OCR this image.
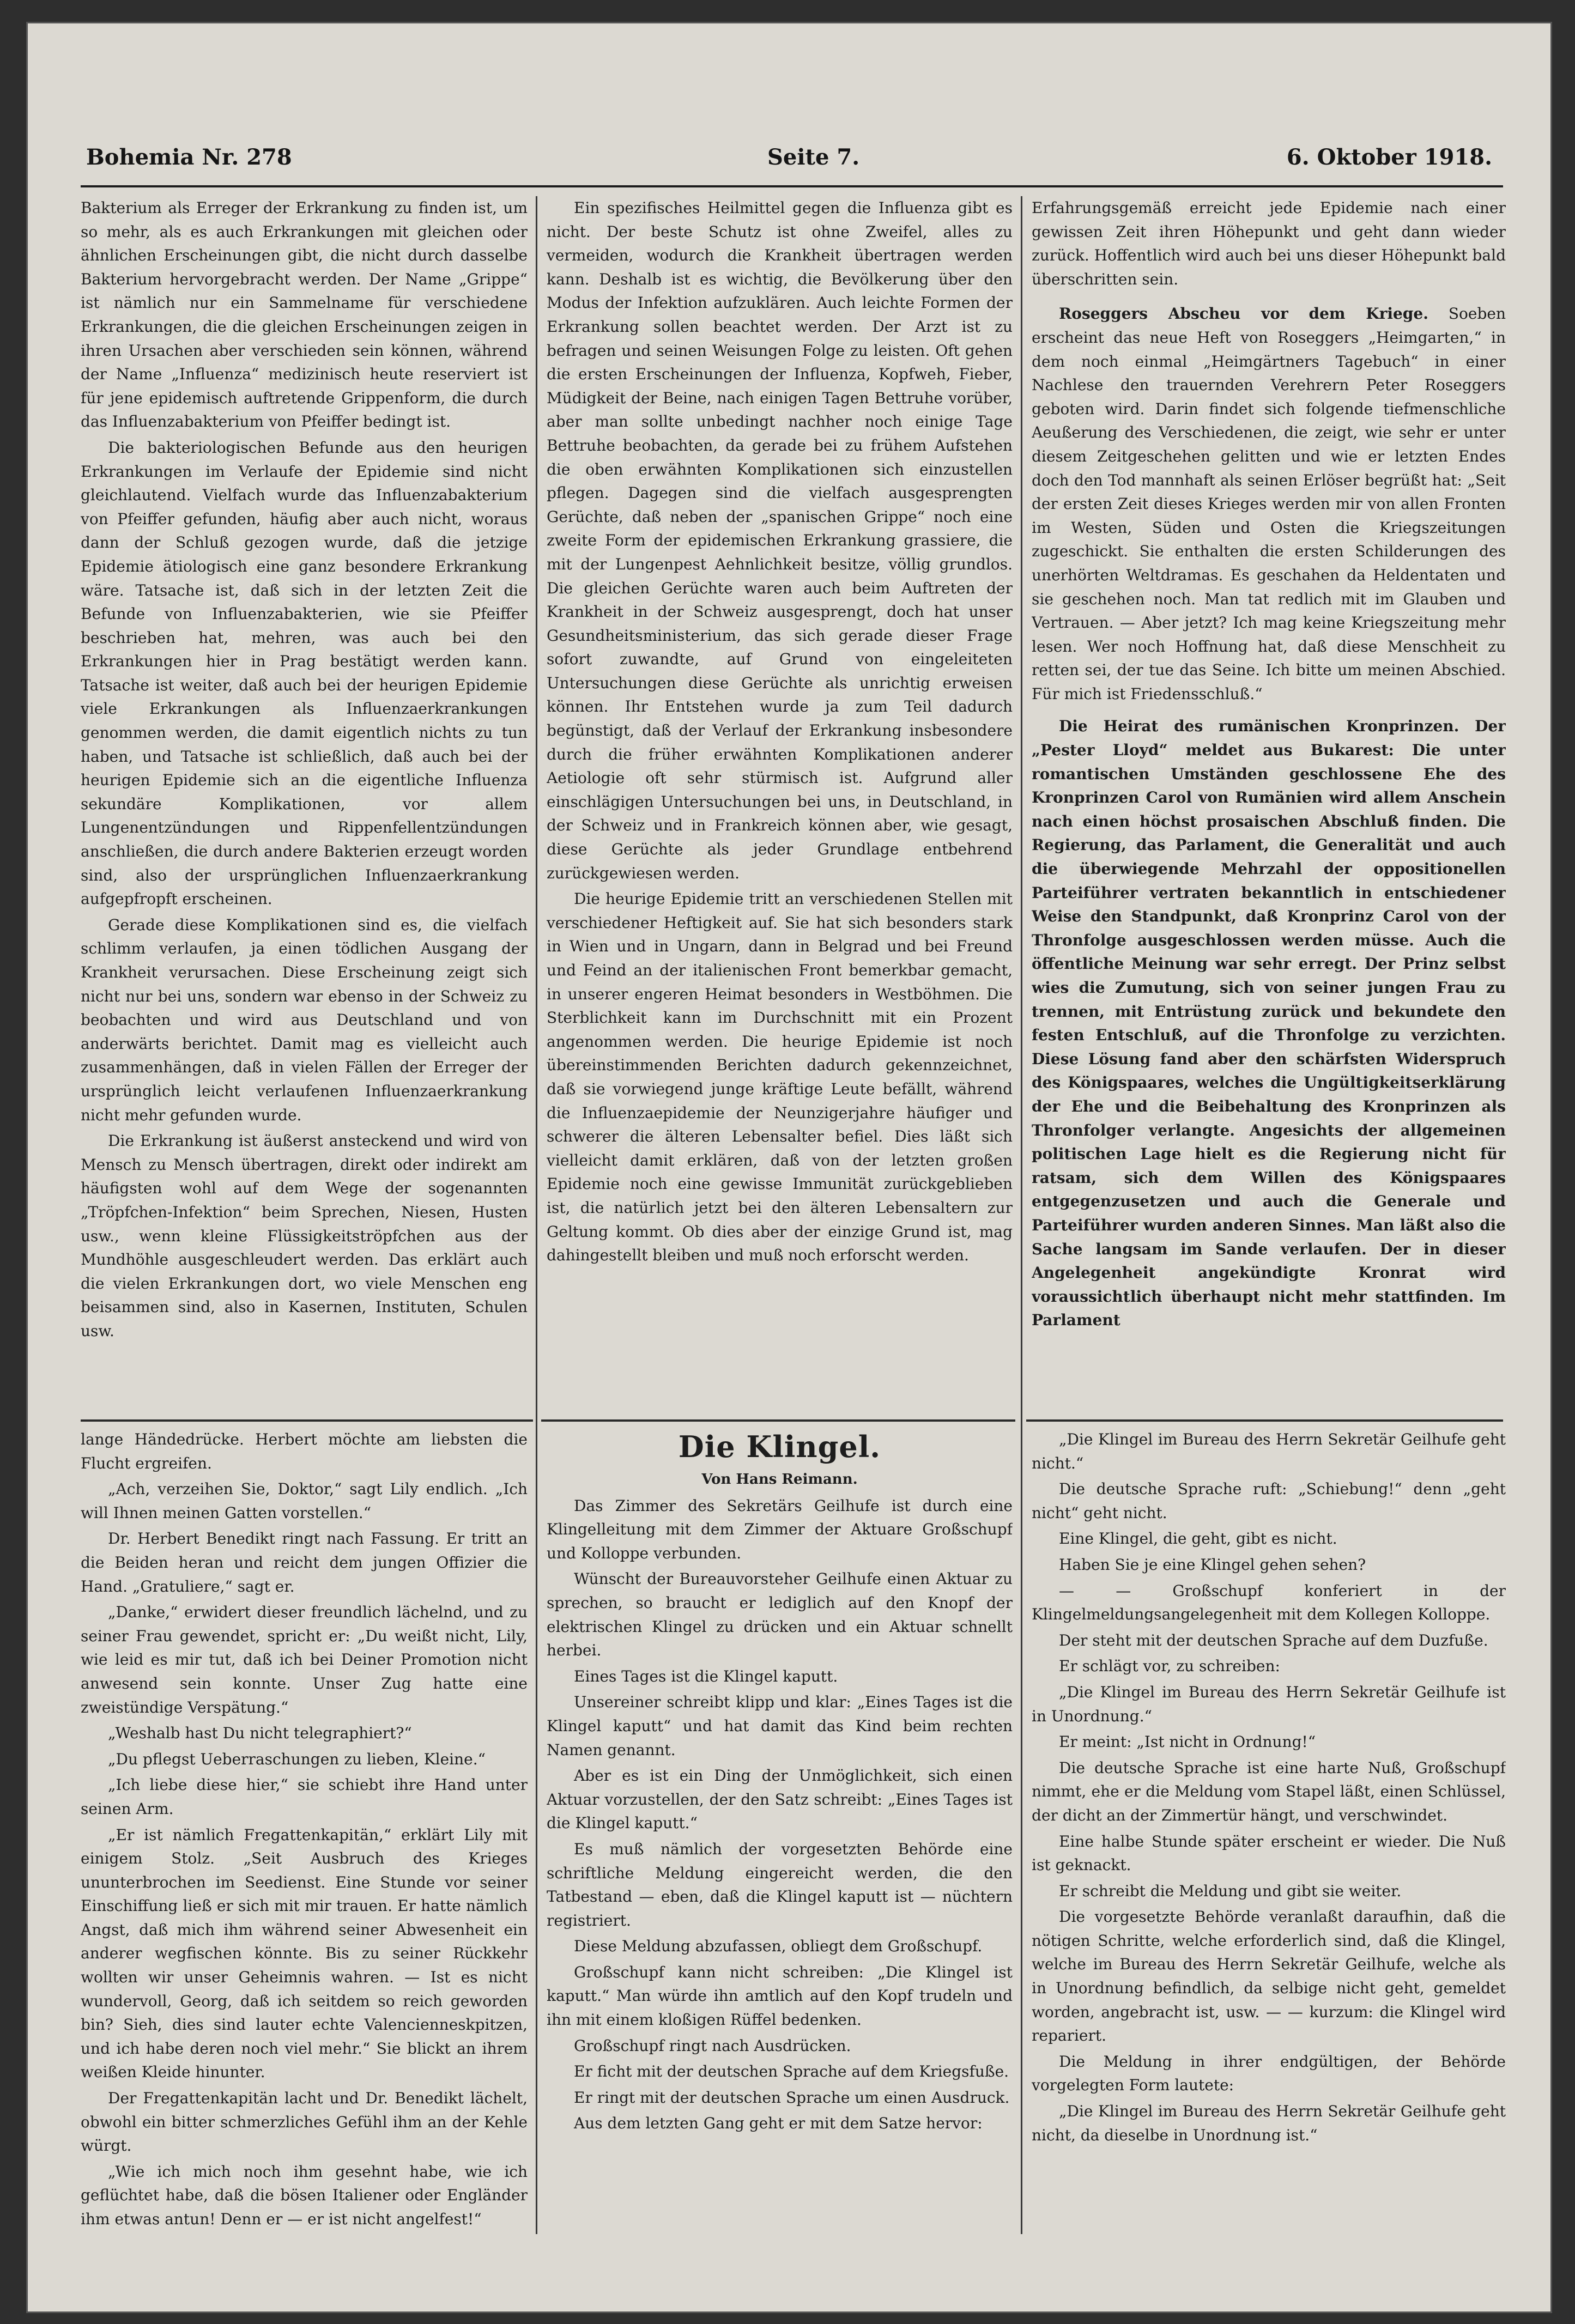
Bohemia Nr. 278	Seite 7.	6. Oktober 1918.

Bakterium als Erreger der Erkrankung zu finden ist, um so mehr, als es auch Erkrankungen mit gleichen oder ähnlichen Erscheinungen gibt, die nicht durch dasselbe Bakterium hervorgebracht werden. Der Name „Grippe“ ist nämlich nur ein Sammelname für verschiedene Erkrankungen, die die gleichen Erscheinungen zeigen in ihren Ursachen aber verschieden sein können, während der Name „Influenza“ medizinisch heute reserviert ist für jene epidemisch auftretende Grippenform, die durch das Influenzabakterium von Pfeiffer bedingt ist.

Die bakteriologischen Befunde aus den heurigen Erkrankungen im Verlaufe der Epidemie sind nicht gleichlautend. Vielfach wurde das Influenzabakterium von Pfeiffer gefunden, häufig aber auch nicht, woraus dann der Schluß gezogen wurde, daß die jetzige Epidemie ätiologisch eine ganz besondere Erkrankung wäre. Tatsache ist, daß sich in der letzten Zeit die Befunde von Influenzabakterien, wie sie Pfeiffer beschrieben hat, mehren, was auch bei den Erkrankungen hier in Prag bestätigt werden kann. Tatsache ist weiter, daß auch bei der heurigen Epidemie viele Erkrankungen als Influenzaerkrankungen genommen werden, die damit eigentlich nichts zu tun haben, und Tatsache ist schließlich, daß auch bei der heurigen Epidemie sich an die eigentliche Influenza sekundäre Komplikationen, vor allem Lungenentzündungen und Rippenfellentzündungen anschließen, die durch andere Bakterien erzeugt worden sind, also der ursprünglichen Influenzaerkrankung aufgepfropft erscheinen.

Gerade diese Komplikationen sind es, die vielfach schlimm verlaufen, ja einen tödlichen Ausgang der Krankheit verursachen. Diese Erscheinung zeigt sich nicht nur bei uns, sondern war ebenso in der Schweiz zu beobachten und wird aus Deutschland und von anderwärts berichtet. Damit mag es vielleicht auch zusammenhängen, daß in vielen Fällen der Erreger der ursprünglich leicht verlaufenen Influenzaerkrankung nicht mehr gefunden wurde.

Die Erkrankung ist äußerst ansteckend und wird von Mensch zu Mensch übertragen, direkt oder indirekt am häufigsten wohl auf dem Wege der sogenannten „Tröpfchen-Infektion“ beim Sprechen, Niesen, Husten usw., wenn kleine Flüssigkeitströpfchen aus der Mundhöhle ausgeschleudert werden. Das erklärt auch die vielen Erkrankungen dort, wo viele Menschen eng beisammen sind, also in Kasernen, Instituten, Schulen usw.

Ein spezifisches Heilmittel gegen die Influenza gibt es nicht. Der beste Schutz ist ohne Zweifel, alles zu vermeiden, wodurch die Krankheit übertragen werden kann. Deshalb ist es wichtig, die Bevölkerung über den Modus der Infektion aufzuklären. Auch leichte Formen der Erkrankung sollen beachtet werden. Der Arzt ist zu befragen und seinen Weisungen Folge zu leisten. Oft gehen die ersten Erscheinungen der Influenza, Kopfweh, Fieber, Müdigkeit der Beine, nach einigen Tagen Bettruhe vorüber, aber man sollte unbedingt nachher noch einige Tage Bettruhe beobachten, da gerade bei zu frühem Aufstehen die oben erwähnten Komplikationen sich einzustellen pflegen. Dagegen sind die vielfach ausgesprengten Gerüchte, daß neben der „spanischen Grippe“ noch eine zweite Form der epidemischen Erkrankung grassiere, die mit der Lungenpest Aehnlichkeit besitze, völlig grundlos. Die gleichen Gerüchte waren auch beim Auftreten der Krankheit in der Schweiz ausgesprengt, doch hat unser Gesundheitsministerium, das sich gerade dieser Frage sofort zuwandte, auf Grund von eingeleiteten Untersuchungen diese Gerüchte als unrichtig erweisen können. Ihr Entstehen wurde ja zum Teil dadurch begünstigt, daß der Verlauf der Erkrankung insbesondere durch die früher erwähnten Komplikationen anderer Aetiologie oft sehr stürmisch ist. Aufgrund aller einschlägigen Untersuchungen bei uns, in Deutschland, in der Schweiz und in Frankreich können aber, wie gesagt, diese Gerüchte als jeder Grundlage entbehrend zurückgewiesen werden.

Die heurige Epidemie tritt an verschiedenen Stellen mit verschiedener Heftigkeit auf. Sie hat sich besonders stark in Wien und in Ungarn, dann in Belgrad und bei Freund und Feind an der italienischen Front bemerkbar gemacht, in unserer engeren Heimat besonders in Westböhmen. Die Sterblichkeit kann im Durchschnitt mit ein Prozent angenommen werden. Die heurige Epidemie ist noch übereinstimmenden Berichten dadurch gekennzeichnet, daß sie vorwiegend junge kräftige Leute befällt, während die Influenzaepidemie der Neunzigerjahre häufiger und schwerer die älteren Lebensalter befiel. Dies läßt sich vielleicht damit erklären, daß von der letzten großen Epidemie noch eine gewisse Immunität zurückgeblieben ist, die natürlich jetzt bei den älteren Lebensaltern zur Geltung kommt. Ob dies aber der einzige Grund ist, mag dahingestellt bleiben und muß noch erforscht werden.

Erfahrungsgemäß erreicht jede Epidemie nach einer gewissen Zeit ihren Höhepunkt und geht dann wieder zurück. Hoffentlich wird auch bei uns dieser Höhepunkt bald überschritten sein.

Roseggers Abscheu vor dem Kriege. Soeben erscheint das neue Heft von Roseggers „Heimgarten,“ in dem noch einmal „Heimgärtners Tagebuch“ in einer Nachlese den trauernden Verehrern Peter Roseggers geboten wird. Darin findet sich folgende tiefmenschliche Aeußerung des Verschiedenen, die zeigt, wie sehr er unter diesem Zeitgeschehen gelitten und wie er letzten Endes doch den Tod mannhaft als seinen Erlöser begrüßt hat: „Seit der ersten Zeit dieses Krieges werden mir von allen Fronten im Westen, Süden und Osten die Kriegszeitungen zugeschickt. Sie enthalten die ersten Schilderungen des unerhörten Weltdramas. Es geschahen da Heldentaten und sie geschehen noch. Man tat redlich mit im Glauben und Vertrauen. — Aber jetzt? Ich mag keine Kriegszeitung mehr lesen. Wer noch Hoffnung hat, daß diese Menschheit zu retten sei, der tue das Seine. Ich bitte um meinen Abschied. Für mich ist Friedensschluß.“

Die Heirat des rumänischen Kronprinzen. Der „Pester Lloyd“ meldet aus Bukarest: Die unter romantischen Umständen geschlossene Ehe des Kronprinzen Carol von Rumänien wird allem Anschein nach einen höchst prosaischen Abschluß finden. Die Regierung, das Parlament, die Generalität und auch die überwiegende Mehrzahl der oppositionellen Parteiführer vertraten bekanntlich in entschiedener Weise den Standpunkt, daß Kronprinz Carol von der Thronfolge ausgeschlossen werden müsse. Auch die öffentliche Meinung war sehr erregt. Der Prinz selbst wies die Zumutung, sich von seiner jungen Frau zu trennen, mit Entrüstung zurück und bekundete den festen Entschluß, auf die Thronfolge zu verzichten. Diese Lösung fand aber den schärfsten Widerspruch des Königspaares, welches die Ungültigkeitserklärung der Ehe und die Beibehaltung des Kronprinzen als Thronfolger verlangte. Angesichts der allgemeinen politischen Lage hielt es die Regierung nicht für ratsam, sich dem Willen des Königspaares entgegenzusetzen und auch die Generale und Parteiführer wurden anderen Sinnes. Man läßt also die Sache langsam im Sande verlaufen. Der in dieser Angelegenheit angekündigte Kronrat wird voraussichtlich überhaupt nicht mehr stattfinden. Im Parlament

lange Händedrücke. Herbert möchte am liebsten die Flucht ergreifen.

„Ach, verzeihen Sie, Doktor,“ sagt Lily endlich. „Ich will Ihnen meinen Gatten vorstellen.“

Dr. Herbert Benedikt ringt nach Fassung. Er tritt an die Beiden heran und reicht dem jungen Offizier die Hand. „Gratuliere,“ sagt er.

„Danke,“ erwidert dieser freundlich lächelnd, und zu seiner Frau gewendet, spricht er: „Du weißt nicht, Lily, wie leid es mir tut, daß ich bei Deiner Promotion nicht anwesend sein konnte. Unser Zug hatte eine zweistündige Verspätung.“

„Weshalb hast Du nicht telegraphiert?“

„Du pflegst Ueberraschungen zu lieben, Kleine.“

„Ich liebe diese hier,“ sie schiebt ihre Hand unter seinen Arm.

„Er ist nämlich Fregattenkapitän,“ erklärt Lily mit einigem Stolz. „Seit Ausbruch des Krieges ununterbrochen im Seedienst. Eine Stunde vor seiner Einschiffung ließ er sich mit mir trauen. Er hatte nämlich Angst, daß mich ihm während seiner Abwesenheit ein anderer wegfischen könnte. Bis zu seiner Rückkehr wollten wir unser Geheimnis wahren. — Ist es nicht wundervoll, Georg, daß ich seitdem so reich geworden bin? Sieh, dies sind lauter echte Valencienneskpitzen, und ich habe deren noch viel mehr.“ Sie blickt an ihrem weißen Kleide hinunter.

Der Fregattenkapitän lacht und Dr. Benedikt lächelt, obwohl ein bitter schmerzliches Gefühl ihm an der Kehle würgt.

„Wie ich mich noch ihm gesehnt habe, wie ich geflüchtet habe, daß die bösen Italiener oder Engländer ihm etwas antun! Denn er — er ist nicht angelfest!“

Die Klingel.

Von Hans Reimann.

Das Zimmer des Sekretärs Geilhufe ist durch eine Klingelleitung mit dem Zimmer der Aktuare Großschupf und Kolloppe verbunden.

Wünscht der Bureauvorsteher Geilhufe einen Aktuar zu sprechen, so braucht er lediglich auf den Knopf der elektrischen Klingel zu drücken und ein Aktuar schnellt herbei.

Eines Tages ist die Klingel kaputt.

Unsereiner schreibt klipp und klar: „Eines Tages ist die Klingel kaputt“ und hat damit das Kind beim rechten Namen genannt.

Aber es ist ein Ding der Unmöglichkeit, sich einen Aktuar vorzustellen, der den Satz schreibt: „Eines Tages ist die Klingel kaputt.“

Es muß nämlich der vorgesetzten Behörde eine schriftliche Meldung eingereicht werden, die den Tatbestand — eben, daß die Klingel kaputt ist — nüchtern registriert.

Diese Meldung abzufassen, obliegt dem Großschupf.

Großschupf kann nicht schreiben: „Die Klingel ist kaputt.“ Man würde ihn amtlich auf den Kopf trudeln und ihn mit einem kloßigen Rüffel bedenken.

Großschupf ringt nach Ausdrücken.

Er ficht mit der deutschen Sprache auf dem Kriegsfuße.

Er ringt mit der deutschen Sprache um einen Ausdruck.

Aus dem letzten Gang geht er mit dem Satze hervor:

„Die Klingel im Bureau des Herrn Sekretär Geilhufe geht nicht.“

Die deutsche Sprache ruft: „Schiebung!“ denn „geht nicht“ geht nicht.

Eine Klingel, die geht, gibt es nicht.

Haben Sie je eine Klingel gehen sehen?

— — Großschupf konferiert in der Klingelmeldungsangelegenheit mit dem Kollegen Kolloppe.

Der steht mit der deutschen Sprache auf dem Duzfuße.

Er schlägt vor, zu schreiben:

„Die Klingel im Bureau des Herrn Sekretär Geilhufe ist in Unordnung.“

Er meint: „Ist nicht in Ordnung!“

Die deutsche Sprache ist eine harte Nuß, Großschupf nimmt, ehe er die Meldung vom Stapel läßt, einen Schlüssel, der dicht an der Zimmertür hängt, und verschwindet.

Eine halbe Stunde später erscheint er wieder. Die Nuß ist geknackt.

Er schreibt die Meldung und gibt sie weiter.

Die vorgesetzte Behörde veranlaßt daraufhin, daß die nötigen Schritte, welche erforderlich sind, daß die Klingel, welche im Bureau des Herrn Sekretär Geilhufe, welche als in Unordnung befindlich, da selbige nicht geht, gemeldet worden, angebracht ist, usw. — — kurzum: die Klingel wird repariert.

Die Meldung in ihrer endgültigen, der Behörde vorgelegten Form lautete:

„Die Klingel im Bureau des Herrn Sekretär Geilhufe geht nicht, da dieselbe in Unordnung ist.“
